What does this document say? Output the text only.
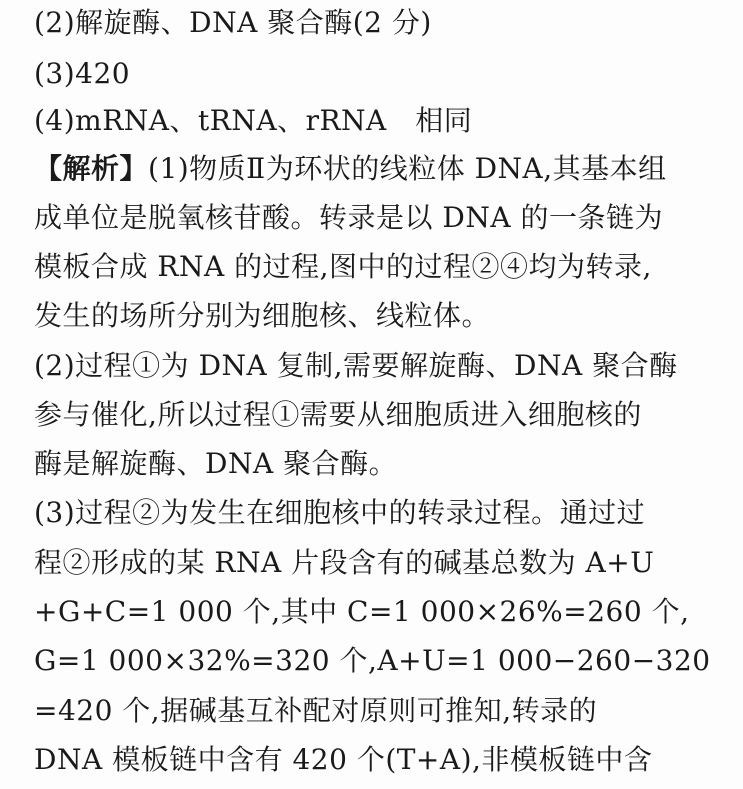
(2)解旋酶、DNA 聚合酶(2 分)
(3)420
(4)mRNA、tRNA、rRNA　相同
【解析】(1)物质Ⅱ为环状的线粒体 DNA,其基本组
成单位是脱氧核苷酸。转录是以 DNA 的一条链为
模板合成 RNA 的过程,图中的过程②④均为转录,
发生的场所分别为细胞核、线粒体。
(2)过程①为 DNA 复制,需要解旋酶、DNA 聚合酶
参与催化,所以过程①需要从细胞质进入细胞核的
酶是解旋酶、DNA 聚合酶。
(3)过程②为发生在细胞核中的转录过程。通过过
程②形成的某 RNA 片段含有的碱基总数为 A+U
+G+C=1 000 个,其中 C=1 000×26%=260 个,
G=1 000×32%=320 个,A+U=1 000−260−320
=420 个,据碱基互补配对原则可推知,转录的
DNA 模板链中含有 420 个(T+A),非模板链中含
